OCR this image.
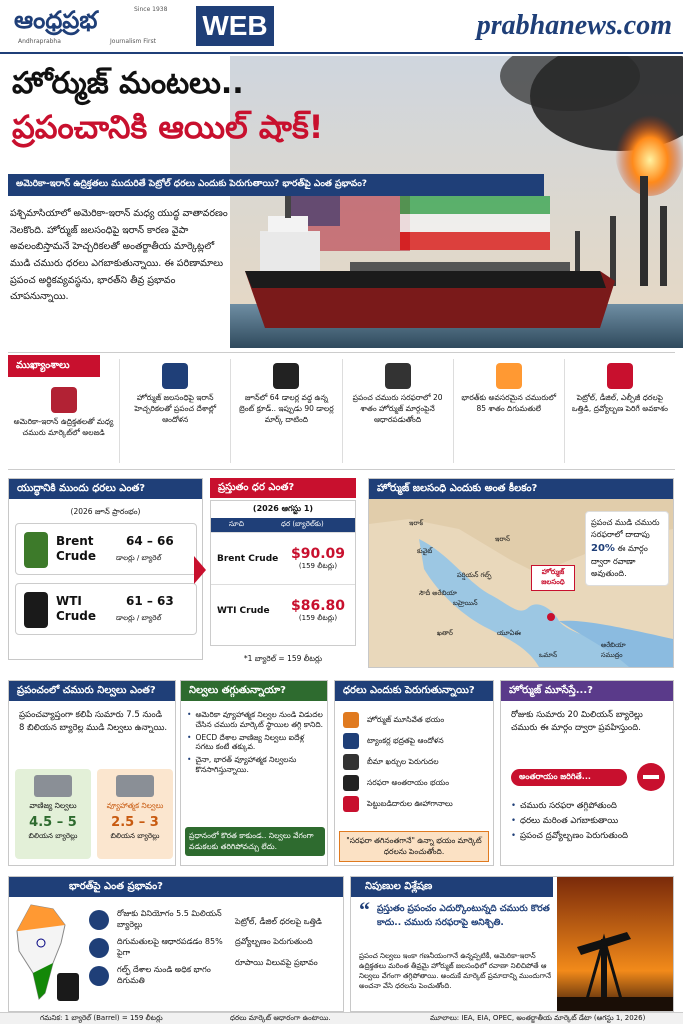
ఆంధ్రప్రభ	Since 1938
Andhraprabha	Journalism First
WEB	prabhanews.com
హోర్ముజ్ మంటలు..
ప్రపంచానికి ఆయిల్ షాక్!
అమెరికా-ఇరాన్ ఉద్రిక్తతలు ముదురితే పెట్రోల్ ధరలు ఎందుకు పెరుగుతాయి? భారత్‌పై ఎంత ప్రభావం?
పశ్చిమాసియాలో అమెరికా-ఇరాన్ మధ్య యుద్ధ వాతావరణం నెలకొంది. హోర్ముజ్ జలసంధిపై ఇరాన్ కారణ వైపా అవలంబిస్తామనే హెచ్చరికలతో అంతర్జాతీయ మార్కెట్లలో ముడి చమురు ధరలు ఎగబాకుతున్నాయి. ఈ పరిణామాలు ప్రపంచ అర్థికవ్యవస్థను, భారత్‌ని తీవ్ర ప్రభావం చూపనున్నాయి.
ముఖ్యాంశాలు
అమెరికా-ఇరాన్ ఉద్రిక్తతలతో మధ్య చమురు మార్కెట్‌లో అలజడి
హోర్ముజ్ జలసంధిపై ఇరాన్ హెచ్చరికలతో ప్రపంచ దేశాల్లో ఆందోళన
జూన్‌లో 64 డాలర్ల వద్ద ఉన్న బ్రెంట్ క్రూడ్.. ఇప్పుడు 90 డాలర్ల మార్క్ దాటింది
ప్రపంచ చమురు సరఫరాలో 20 శాతం హోర్ముజ్ మార్గంపైనే ఆధారపడుతోంది
భారత్‌కు అవసరమైన చమురులో 85 శాతం దిగుమతులే
పెట్రోల్, డీజిల్, ఎల్పీజీ ధరలపై ఒత్తిడి, ద్రవ్యోల్బణ పెరిగే అవకాశం
యుద్ధానికి ముందు ధరలు ఎంత?
(2026 జూన్ ప్రారంభం)
Brent Crude
64 – 66
డాలర్లు / బ్యారెల్
WTI Crude
61 – 63
డాలర్లు / బ్యారెల్
ప్రస్తుతం ధర ఎంత?
(2026 ఆగస్టు 1)
సూచి	ధర (బ్యారెల్‌కు)
Brent Crude $90.09
(159 లీటర్లు)
WTI Crude	$86.80
(159 లీటర్లు)
*1 బ్యారెల్ = 159 లీటర్లు
హోర్ముజ్ జలసంధి ఎందుకు అంత కీలకం?
ఇరాక్
కువైట్
ఇరాన్
పర్షియన్ గల్ఫ్
సౌదీ అరేబియా
బహ్రెయిన్
ఖతార్	యూఏఈ
ఒమాన్
అరేబియా సముద్రం
హోర్ముజ్ జలసంధి
ప్రపంచ ముడి చమురు సరఫరాలో దాదాపు 20% ఈ మార్గం ద్వారా రవాణా అవుతుంది.
ప్రపంచంలో చమురు నిల్వలు ఎంత?
ప్రపంచవ్యాప్తంగా కలిపి సుమారు 7.5 నుండి 8 బిలియన బ్యారెల్ల ముడి నిల్వలు ఉన్నాయి.
వాణిజ్య నిల్వలు
4.5 – 5
బిలియన బ్యారెల్లు
వ్యూహాత్మక నిల్వలు
2.5 – 3
బిలియన బ్యారెల్లు
నిల్వలు తగ్గుతున్నాయా?
• అమెరికా వ్యూహాత్మక నిల్వల నుండి విడుదల చేసిన చమురు మార్కెట్ స్థాయిల తగ్గి కానిది.
• OECD దేశాల వాణిజ్య నిల్వలు ఐదేళ్ల సగటు కంటే తక్కువ.
• చైనా, భారత్ వ్యూహాత్మక నిల్వలను కొనసాగిస్తున్నాయి.
ప్రధానంలో కొరత కాకుండ.. నిల్వలు వేగంగా వడుకలకు తరిగిపోవచ్చు లేదు.
ధరలు ఎందుకు పెరుగుతున్నాయి?
హోర్ముజ్ మూసివేత భయం
ట్యాంకర్ల భద్రతపై ఆందోళన
బీమా ఖర్చుల పెరుగుదల
సరఫరా అంతరాయం భయం
పెట్టుబడిదారుల ఊహాగానాలు
"సరఫరా తగినంతగానే" ఉన్నా భయం మార్కెట్ ధరలను పెంచుతోంది.
హోర్ముజ్ మూసేస్తే...?
రోజుకు సుమారు 20 మిలియన్ బ్యారెల్లు చమురు ఈ మార్గం ద్వారా ప్రవహిస్తుంది.
అంతరాయం జరిగితే...
• చమురు సరఫరా తగ్గిపోతుంది
• ధరలు మరింత ఎగబాకుతాయి
• ప్రపంచ ద్రవ్యోల్బణం పెరుగుతుంది
భారత్‌పై ఎంత ప్రభావం?
రోజుకు వినియోగం 5.5 మిలియన్ బ్యారెల్లు
దిగుమతులపై ఆధారపడడం 85% పైగా
గల్ఫ్ దేశాల నుండి అధిక భాగం దిగుమతి
పెట్రోల్, డీజిల్ ధరలపై ఒత్తిడి
ద్రవ్యోల్బణం పెరుగుతుంది
రూపాయి విలువపై ప్రభావం
నిపుణుల విశ్లేషణ
“ ప్రస్తుతం ప్రపంచం ఎదుర్కొంటున్నది చమురు కొరత కాదు.. చమురు సరఫరాపై అనిశ్చితి.
ప్రపంచ నిల్వలు ఇంకా గణనీయంగానే ఉన్నప్పటికీ, అమెరికా-ఇరాన్ ఉద్రిక్తతలు మరింత తీవ్రమై హోర్ముజ్ జలసంధిలో రవాణా నిలిచిపోతే ఆ నిల్వలు వేగంగా తగ్గిపోతాయి. అందుకే మార్కెట్ ప్రమాదాన్ని ముందుగానే అంచనా వేసి ధరలను పెంచుతోంది.
గమనిక: 1 బ్యారెల్ (Barrel) = 159 లీటర్లు	ధరలు మార్కెట్ ఆధారంగా ఉంటాయి.	మూలాలు: IEA, EIA, OPEC, అంతర్జాతీయ మార్కెట్ డేటా (ఆగస్టు 1, 2026)
